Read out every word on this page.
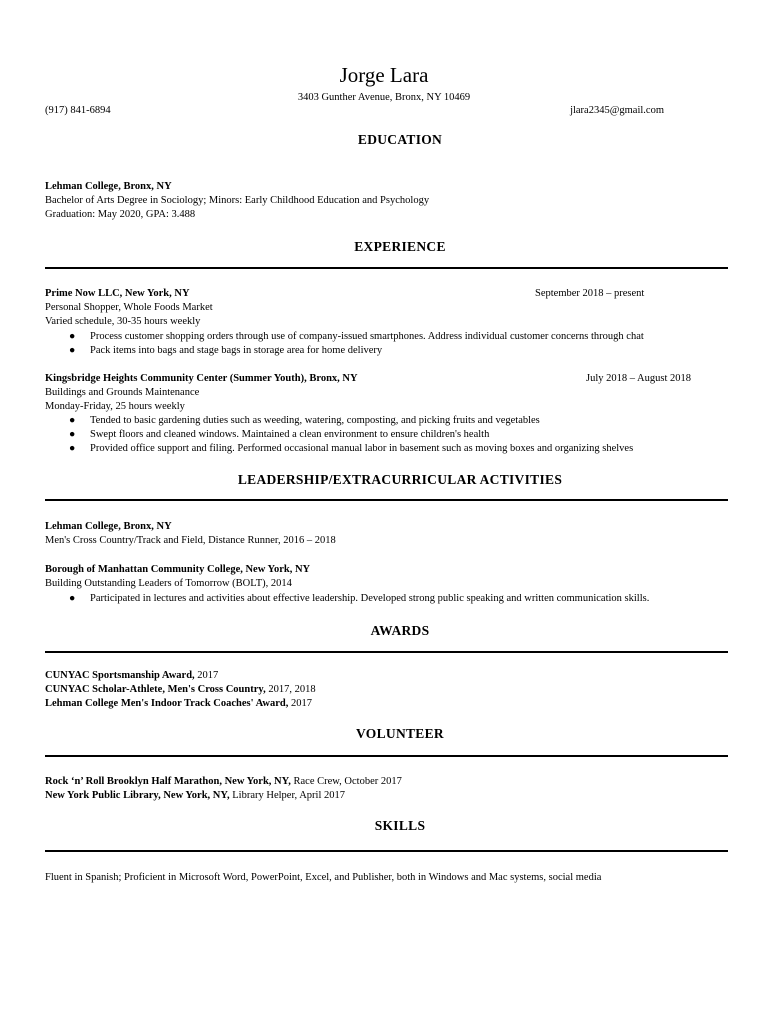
Jorge Lara
3403 Gunther Avenue, Bronx, NY 10469
(917) 841-6894	jlara2345@gmail.com
EDUCATION
Lehman College, Bronx, NY
Bachelor of Arts Degree in Sociology; Minors: Early Childhood Education and Psychology
Graduation: May 2020, GPA: 3.488
EXPERIENCE
Prime Now LLC, New York, NY	September 2018 – present
Personal Shopper, Whole Foods Market
Varied schedule, 30-35 hours weekly
● Process customer shopping orders through use of company-issued smartphones. Address individual customer concerns through chat
● Pack items into bags and stage bags in storage area for home delivery
Kingsbridge Heights Community Center (Summer Youth), Bronx, NY	July 2018 – August 2018
Buildings and Grounds Maintenance
Monday-Friday, 25 hours weekly
● Tended to basic gardening duties such as weeding, watering, composting, and picking fruits and vegetables
● Swept floors and cleaned windows. Maintained a clean environment to ensure children's health
● Provided office support and filing. Performed occasional manual labor in basement such as moving boxes and organizing shelves
LEADERSHIP/EXTRACURRICULAR ACTIVITIES
Lehman College, Bronx, NY
Men's Cross Country/Track and Field, Distance Runner, 2016 – 2018
Borough of Manhattan Community College, New York, NY
Building Outstanding Leaders of Tomorrow (BOLT), 2014
● Participated in lectures and activities about effective leadership. Developed strong public speaking and written communication skills.
AWARDS
CUNYAC Sportsmanship Award, 2017
CUNYAC Scholar-Athlete, Men's Cross Country, 2017, 2018
Lehman College Men's Indoor Track Coaches' Award, 2017
VOLUNTEER
Rock ‘n’ Roll Brooklyn Half Marathon, New York, NY, Race Crew, October 2017
New York Public Library, New York, NY, Library Helper, April 2017
SKILLS
Fluent in Spanish; Proficient in Microsoft Word, PowerPoint, Excel, and Publisher, both in Windows and Mac systems, social media
